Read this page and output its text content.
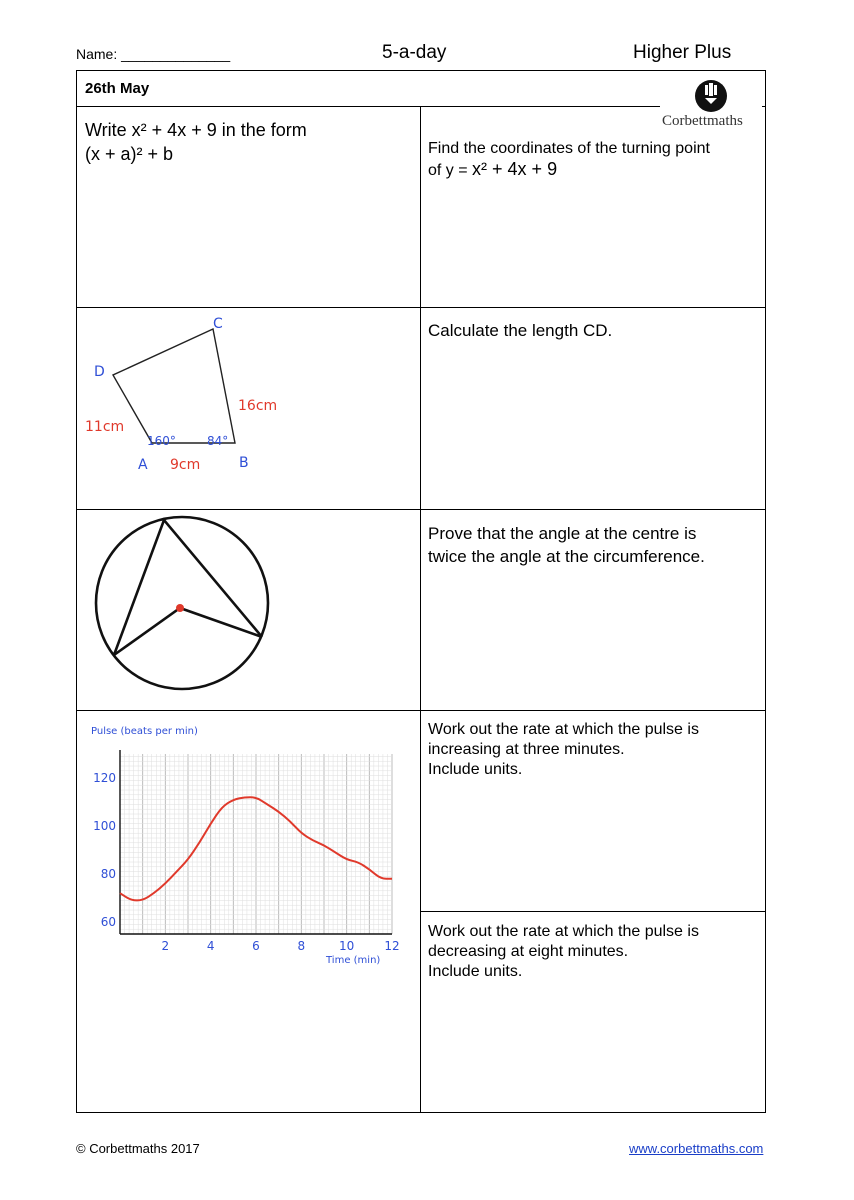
Name: ______________	5-a-day	Higher Plus
26th May
Corbettmaths
Write x² + 4x + 9 in the form
(x + a)² + b	Find the coordinates of the turning point
of y = x² + 4x + 9
Calculate the length CD.
C
D
A	B
16cm
11cm
9cm
160°	84°
Prove that the angle at the centre is
twice the angle at the circumference.
Work out the rate at which the pulse is
increasing at three minutes.
Include units.
Work out the rate at which the pulse is
decreasing at eight minutes.
Include units.
2	4	6	8	10	12
60
80
100
120
Pulse (beats per min)
Time (min)
© Corbettmaths 2017	www.corbettmaths.com
